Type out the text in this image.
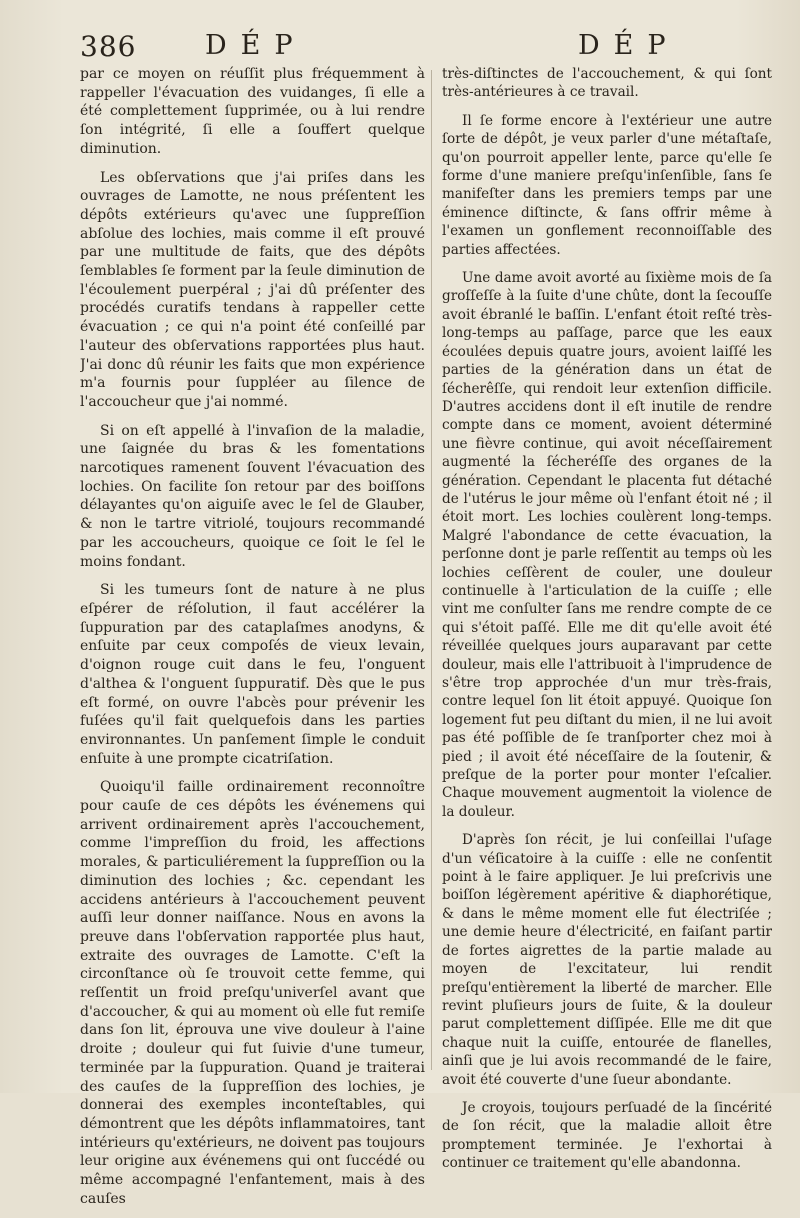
386	DÉP	DÉP

par ce moyen on réuſſit plus fréquemment à rappeller l'évacuation des vuidanges, ſi elle a été complettement ſupprimée, ou à lui rendre ſon intégrité, ſi elle a ſouffert quelque diminution.

Les obſervations que j'ai priſes dans les ouvrages de Lamotte, ne nous préſentent les dépôts extérieurs qu'avec une ſuppreſſion abſolue des lochies, mais comme il eſt prouvé par une multitude de faits, que des dépôts ſemblables ſe forment par la ſeule diminution de l'écoulement puerpéral ; j'ai dû préſenter des procédés curatifs tendans à rappeller cette évacuation ; ce qui n'a point été conſeillé par l'auteur des obſervations rapportées plus haut. J'ai donc dû réunir les faits que mon expérience m'a fournis pour ſuppléer au ſilence de l'accoucheur que j'ai nommé.

Si on eſt appellé à l'invaſion de la maladie, une ſaignée du bras & les fomentations narcotiques ramenent ſouvent l'évacuation des lochies. On facilite ſon retour par des boiſſons délayantes qu'on aiguiſe avec le ſel de Glauber, & non le tartre vitriolé, toujours recommandé par les accoucheurs, quoique ce ſoit le ſel le moins fondant.

Si les tumeurs ſont de nature à ne plus eſpérer de réſolution, il faut accélérer la ſuppuration par des cataplaſmes anodyns, & enſuite par ceux compoſés de vieux levain, d'oignon rouge cuit dans le feu, l'onguent d'althea & l'onguent ſuppuratif. Dès que le pus eſt formé, on ouvre l'abcès pour prévenir les fuſées qu'il fait quelquefois dans les parties environnantes. Un panſement ſimple le conduit enſuite à une prompte cicatriſation.

Quoiqu'il faille ordinairement reconnoître pour cauſe de ces dépôts les événemens qui arrivent ordinairement après l'accouchement, comme l'impreſſion du froid, les affections morales, & particuliérement la ſuppreſſion ou la diminution des lochies ; &c. cependant les accidens antérieurs à l'accouchement peuvent auſſi leur donner naiſſance. Nous en avons la preuve dans l'obſervation rapportée plus haut, extraite des ouvrages de Lamotte. C'eſt la circonſtance où ſe trouvoit cette femme, qui reſſentit un froid preſqu'univerſel avant que d'accoucher, & qui au moment où elle fut remiſe dans ſon lit, éprouva une vive douleur à l'aine droite ; douleur qui fut ſuivie d'une tumeur, terminée par la ſuppuration. Quand je traiterai des cauſes de la ſuppreſſion des lochies, je donnerai des exemples inconteſtables, qui démontrent que les dépôts inflammatoires, tant intérieurs qu'extérieurs, ne doivent pas toujours leur origine aux événemens qui ont ſuccédé ou même accompagné l'enfantement, mais à des cauſes

très-diſtinctes de l'accouchement, & qui ſont très-antérieures à ce travail.

Il ſe forme encore à l'extérieur une autre ſorte de dépôt, je veux parler d'une métaſtaſe, qu'on pourroit appeller lente, parce qu'elle ſe forme d'une maniere preſqu'inſenſible, ſans ſe manifeſter dans les premiers temps par une éminence diſtincte, & ſans offrir même à l'examen un gonflement reconnoiſſable des parties affectées.

Une dame avoit avorté au ſixième mois de ſa groſſeſſe à la ſuite d'une chûte, dont la ſecouſſe avoit ébranlé le baſſin. L'enfant étoit reſté très-long-temps au paſſage, parce que les eaux écoulées depuis quatre jours, avoient laiſſé les parties de la génération dans un état de ſécherêſſe, qui rendoit leur extenſion difficile. D'autres accidens dont il eſt inutile de rendre compte dans ce moment, avoient déterminé une fièvre continue, qui avoit néceſſairement augmenté la ſécheréſſe des organes de la génération. Cependant le placenta fut détaché de l'utérus le jour même où l'enfant étoit né ; il étoit mort. Les lochies coulèrent long-temps. Malgré l'abondance de cette évacuation, la perſonne dont je parle reſſentit au temps où les lochies ceſſèrent de couler, une douleur continuelle à l'articulation de la cuiſſe ; elle vint me conſulter ſans me rendre compte de ce qui s'étoit paſſé. Elle me dit qu'elle avoit été réveillée quelques jours auparavant par cette douleur, mais elle l'attribuoit à l'imprudence de s'être trop approchée d'un mur très-frais, contre lequel ſon lit étoit appuyé. Quoique ſon logement fut peu diſtant du mien, il ne lui avoit pas été poſſible de ſe tranſporter chez moi à pied ; il avoit été néceſſaire de la ſoutenir, & preſque de la porter pour monter l'eſcalier. Chaque mouvement augmentoit la violence de la douleur.

D'après ſon récit, je lui conſeillai l'uſage d'un véſicatoire à la cuiſſe : elle ne conſentit point à le faire appliquer. Je lui preſcrivis une boiſſon légèrement apéritive & diaphorétique, & dans le même moment elle fut électriſée ; une demie heure d'électricité, en faiſant partir de fortes aigrettes de la partie malade au moyen de l'excitateur, lui rendit preſqu'entièrement la liberté de marcher. Elle revint pluſieurs jours de ſuite, & la douleur parut complettement diſſipée. Elle me dit que chaque nuit la cuiſſe, entourée de flanelles, ainſi que je lui avois recommandé de le faire, avoit été couverte d'une ſueur abondante.

Je croyois, toujours perſuadé de la ſincérité de ſon récit, que la maladie alloit être promptement terminée. Je l'exhortai à continuer ce traitement qu'elle abandonna.
